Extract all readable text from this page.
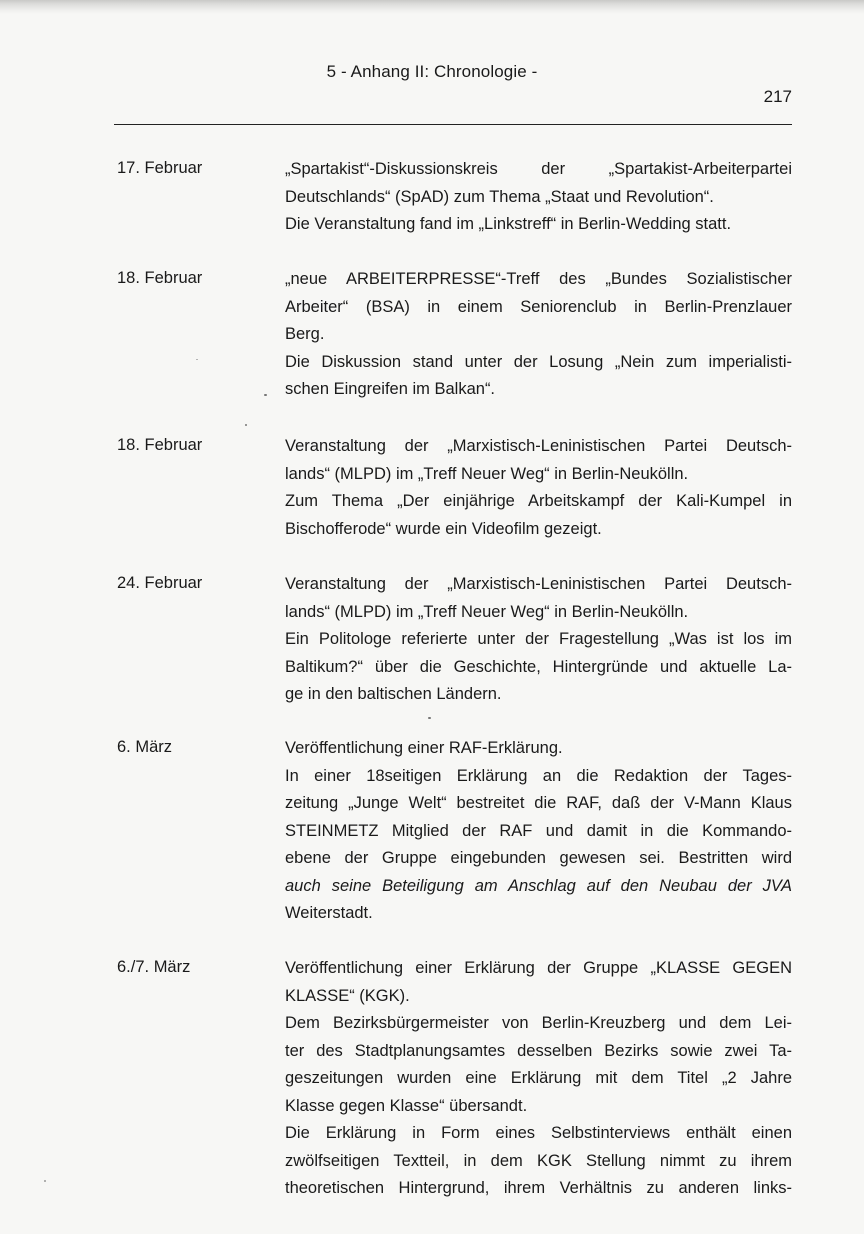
5 - Anhang II: Chronologie -
217
17. Februar	„Spartakist“-Diskussionskreis der „Spartakist-Arbeiterpartei
Deutschlands“ (SpAD) zum Thema „Staat und Revolution“.
Die Veranstaltung fand im „Linkstreff“ in Berlin-Wedding statt.
18. Februar	„neue ARBEITERPRESSE“-Treff des „Bundes Sozialistischer
Arbeiter“ (BSA) in einem Seniorenclub in Berlin-Prenzlauer
Berg.
Die Diskussion stand unter der Losung „Nein zum imperialisti-
schen Eingreifen im Balkan“.
18. Februar	Veranstaltung der „Marxistisch-Leninistischen Partei Deutsch-
lands“ (MLPD) im „Treff Neuer Weg“ in Berlin-Neukölln.
Zum Thema „Der einjährige Arbeitskampf der Kali-Kumpel in
Bischofferode“ wurde ein Videofilm gezeigt.
24. Februar	Veranstaltung der „Marxistisch-Leninistischen Partei Deutsch-
lands“ (MLPD) im „Treff Neuer Weg“ in Berlin-Neukölln.
Ein Politologe referierte unter der Fragestellung „Was ist los im
Baltikum?“ über die Geschichte, Hintergründe und aktuelle La-
ge in den baltischen Ländern.
6. März	Veröffentlichung einer RAF-Erklärung.
In einer 18seitigen Erklärung an die Redaktion der Tages-
zeitung „Junge Welt“ bestreitet die RAF, daß der V-Mann Klaus
STEINMETZ Mitglied der RAF und damit in die Kommando-
ebene der Gruppe eingebunden gewesen sei. Bestritten wird
auch seine Beteiligung am Anschlag auf den Neubau der JVA
Weiterstadt.
6./7. März	Veröffentlichung einer Erklärung der Gruppe „KLASSE GEGEN
KLASSE“ (KGK).
Dem Bezirksbürgermeister von Berlin-Kreuzberg und dem Lei-
ter des Stadtplanungsamtes desselben Bezirks sowie zwei Ta-
geszeitungen wurden eine Erklärung mit dem Titel „2 Jahre
Klasse gegen Klasse“ übersandt.
Die Erklärung in Form eines Selbstinterviews enthält einen
zwölfseitigen Textteil, in dem KGK Stellung nimmt zu ihrem
theoretischen Hintergrund, ihrem Verhältnis zu anderen links-
